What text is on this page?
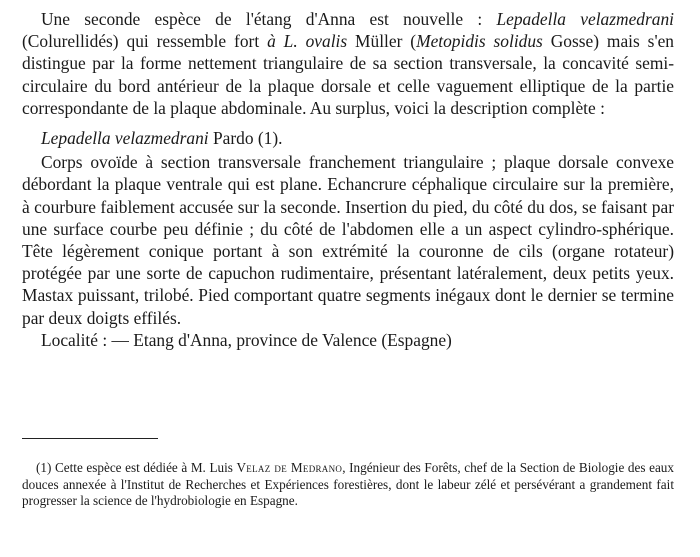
Une seconde espèce de l'étang d'Anna est nouvelle : Lepadella velazmedrani (Colurellidés) qui ressemble fort à L. ovalis Müller (Metopidis solidus Gosse) mais s'en distingue par la forme nettement triangulaire de sa section transversale, la concavité semi-circulaire du bord antérieur de la plaque dorsale et celle vaguement elliptique de la partie correspondante de la plaque abdominale. Au surplus, voici la description complète :

Lepadella velazmedrani Pardo (1).

Corps ovoïde à section transversale franchement triangulaire ; plaque dorsale convexe débordant la plaque ventrale qui est plane. Echancrure céphalique circulaire sur la première, à courbure faiblement accusée sur la seconde. Insertion du pied, du côté du dos, se faisant par une surface courbe peu définie ; du côté de l'abdomen elle a un aspect cylindro-sphérique. Tête légèrement conique portant à son extrémité la couronne de cils (organe rotateur) protégée par une sorte de capuchon rudimentaire, présentant latéralement, deux petits yeux. Mastax puissant, trilobé. Pied comportant quatre segments inégaux dont le dernier se termine par deux doigts effilés.

Localité : — Etang d'Anna, province de Valence (Espagne)

(1) Cette espèce est dédiée à M. Luis Velaz de Medrano, Ingénieur des Forêts, chef de la Section de Biologie des eaux douces annexée à l'Institut de Recherches et Expériences forestières, dont le labeur zélé et persévérant a grandement fait progresser la science de l'hydrobiologie en Espagne.
